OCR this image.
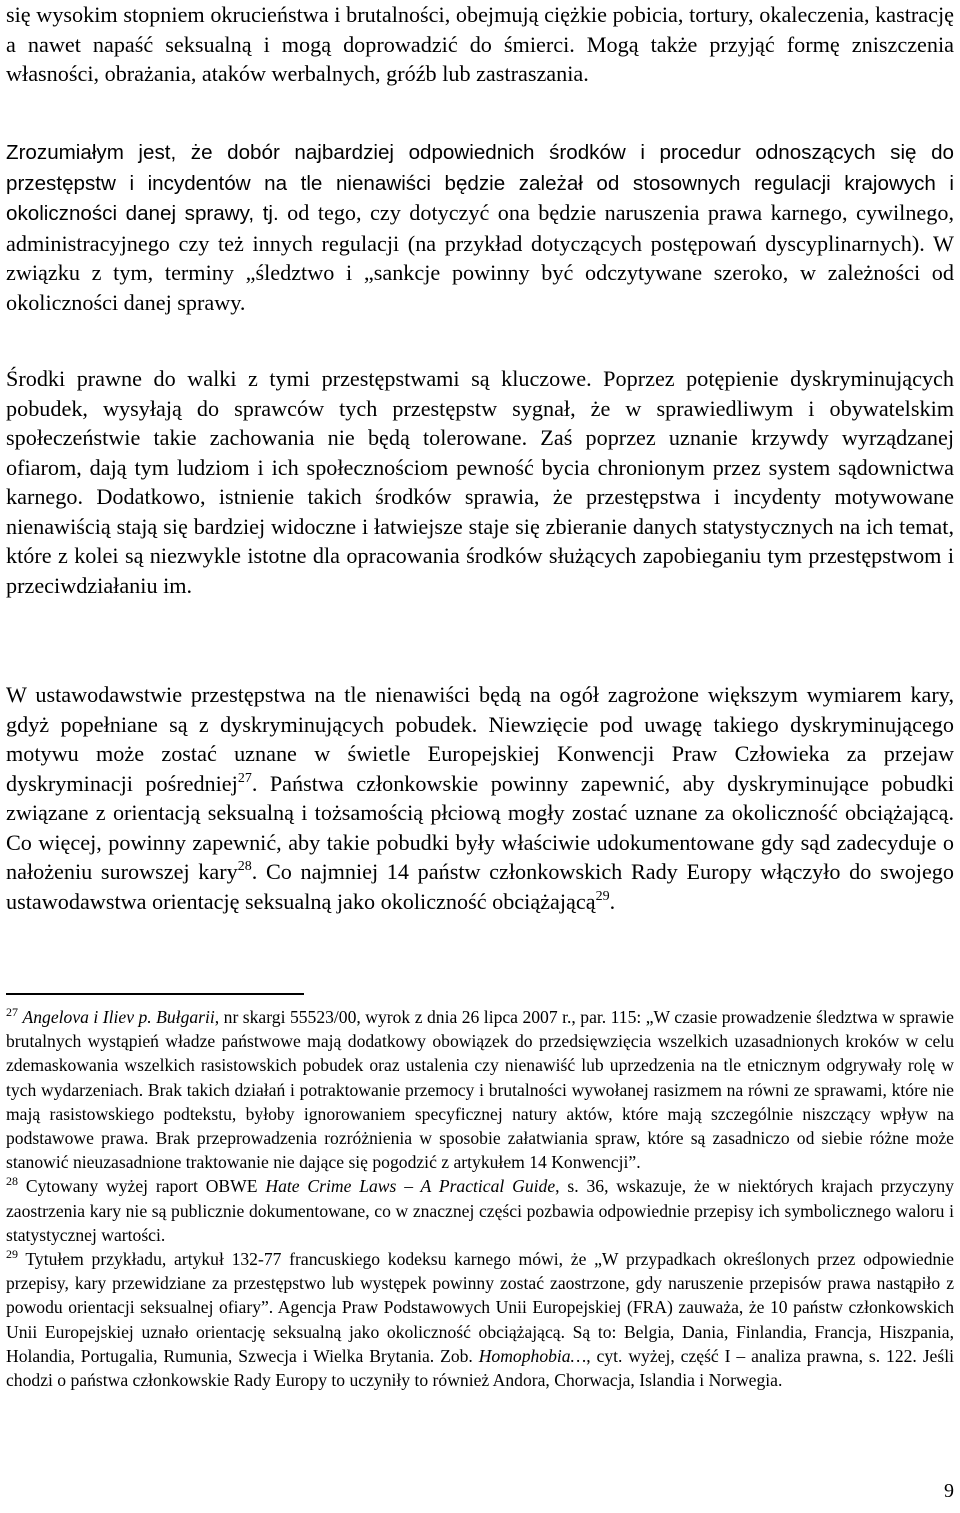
się wysokim stopniem okrucieństwa i brutalności, obejmują ciężkie pobicia, tortury, okaleczenia, kastrację a nawet napaść seksualną i mogą doprowadzić do śmierci. Mogą także przyjąć formę zniszczenia własności, obrażania, ataków werbalnych, gróźb lub zastraszania.

Zrozumiałym jest, że dobór najbardziej odpowiednich środków i procedur odnoszących się do przestępstw i incydentów na tle nienawiści będzie zależał od stosownych regulacji krajowych i okoliczności danej sprawy, tj. od tego, czy dotyczyć ona będzie naruszenia prawa karnego, cywilnego, administracyjnego czy też innych regulacji (na przykład dotyczących postępowań dyscyplinarnych). W związku z tym, terminy „śledztwo i „sankcje powinny być odczytywane szeroko, w zależności od okoliczności danej sprawy.

Środki prawne do walki z tymi przestępstwami są kluczowe. Poprzez potępienie dyskryminujących pobudek, wysyłają do sprawców tych przestępstw sygnał, że w sprawiedliwym i obywatelskim społeczeństwie takie zachowania nie będą tolerowane. Zaś poprzez uznanie krzywdy wyrządzanej ofiarom, dają tym ludziom i ich społecznościom pewność bycia chronionym przez system sądownictwa karnego. Dodatkowo, istnienie takich środków sprawia, że przestępstwa i incydenty motywowane nienawiścią stają się bardziej widoczne i łatwiejsze staje się zbieranie danych statystycznych na ich temat, które z kolei są niezwykle istotne dla opracowania środków służących zapobieganiu tym przestępstwom i przeciwdziałaniu im.

W ustawodawstwie przestępstwa na tle nienawiści będą na ogół zagrożone większym wymiarem kary, gdyż popełniane są z dyskryminujących pobudek. Niewzięcie pod uwagę takiego dyskryminującego motywu może zostać uznane w świetle Europejskiej Konwencji Praw Człowieka za przejaw dyskryminacji pośredniej$^{27}$. Państwa członkowskie powinny zapewnić, aby dyskryminujące pobudki związane z orientacją seksualną i tożsamością płciową mogły zostać uznane za okoliczność obciążającą. Co więcej, powinny zapewnić, aby takie pobudki były właściwie udokumentowane gdy sąd zadecyduje o nałożeniu surowszej kary$^{28}$. Co najmniej 14 państw członkowskich Rady Europy włączyło do swojego ustawodawstwa orientację seksualną jako okoliczność obciążającą$^{29}$.

$^{27}$ Angelova i Iliev p. Bułgarii, nr skargi 55523/00, wyrok z dnia 26 lipca 2007 r., par. 115: „W czasie prowadzenie śledztwa w sprawie brutalnych wystąpień władze państwowe mają dodatkowy obowiązek do przedsięwzięcia wszelkich uzasadnionych kroków w celu zdemaskowania wszelkich rasistowskich pobudek oraz ustalenia czy nienawiść lub uprzedzenia na tle etnicznym odgrywały rolę w tych wydarzeniach. Brak takich działań i potraktowanie przemocy i brutalności wywołanej rasizmem na równi ze sprawami, które nie mają rasistowskiego podtekstu, byłoby ignorowaniem specyficznej natury aktów, które mają szczególnie niszczący wpływ na podstawowe prawa. Brak przeprowadzenia rozróżnienia w sposobie załatwiania spraw, które są zasadniczo od siebie różne może stanowić nieuzasadnione traktowanie nie dające się pogodzić z artykułem 14 Konwencji”.

$^{28}$ Cytowany wyżej raport OBWE Hate Crime Laws – A Practical Guide, s. 36, wskazuje, że w niektórych krajach przyczyny zaostrzenia kary nie są publicznie dokumentowane, co w znacznej części pozbawia odpowiednie przepisy ich symbolicznego waloru i statystycznej wartości.

$^{29}$ Tytułem przykładu, artykuł 132-77 francuskiego kodeksu karnego mówi, że „W przypadkach określonych przez odpowiednie przepisy, kary przewidziane za przestępstwo lub występek powinny zostać zaostrzone, gdy naruszenie przepisów prawa nastąpiło z powodu orientacji seksualnej ofiary”. Agencja Praw Podstawowych Unii Europejskiej (FRA) zauważa, że 10 państw członkowskich Unii Europejskiej uznało orientację seksualną jako okoliczność obciążającą. Są to: Belgia, Dania, Finlandia, Francja, Hiszpania, Holandia, Portugalia, Rumunia, Szwecja i Wielka Brytania. Zob. Homophobia…, cyt. wyżej, część I – analiza prawna, s. 122. Jeśli chodzi o państwa członkowskie Rady Europy to uczyniły to również Andora, Chorwacja, Islandia i Norwegia.

9
